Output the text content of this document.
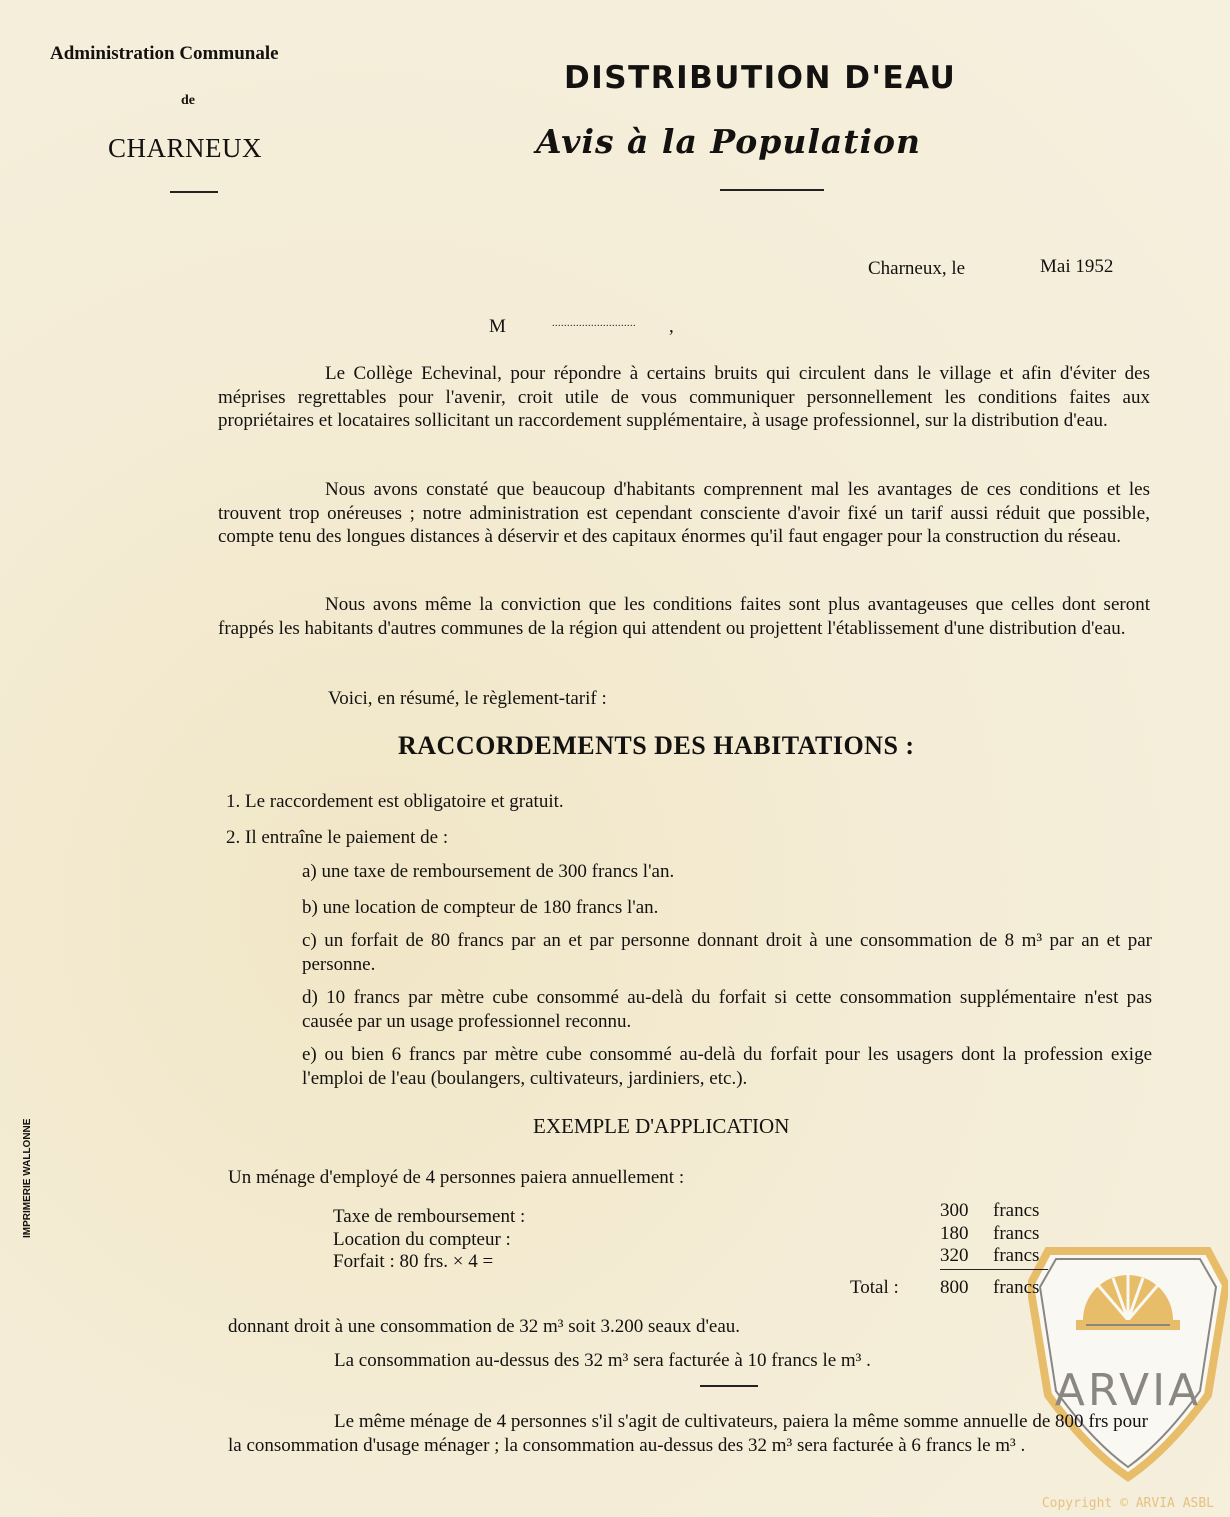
ARVIA
Administration Communale
de
CHARNEUX
DISTRIBUTION D'EAU
Avis à la Population
Charneux, le	Mai 1952
M	............................ ,
Le Collège Echevinal, pour répondre à certains bruits qui circulent dans le village et afin d'éviter des méprises regrettables pour l'avenir, croit utile de vous communiquer personnellement les conditions faites aux propriétaires et locataires sollicitant un raccordement supplémentaire, à usage professionnel, sur la distribution d'eau.
Nous avons constaté que beaucoup d'habitants comprennent mal les avantages de ces conditions et les trouvent trop onéreuses ; notre administration est cependant consciente d'avoir fixé un tarif aussi réduit que possible, compte tenu des longues distances à déservir et des capitaux énormes qu'il faut engager pour la construction du réseau.
Nous avons même la conviction que les conditions faites sont plus avantageuses que celles dont seront frappés les habitants d'autres communes de la région qui attendent ou projettent l'établissement d'une distribution d'eau.
Voici, en résumé, le règlement-tarif :
RACCORDEMENTS DES HABITATIONS :
1. Le raccordement est obligatoire et gratuit.
2. Il entraîne le paiement de :
a) une taxe de remboursement de 300 francs l'an.
b) une location de compteur de 180 francs l'an.
c) un forfait de 80 francs par an et par personne donnant droit à une consommation de 8 m³ par an et par personne.
d) 10 francs par mètre cube consommé au-delà du forfait si cette consommation supplémentaire n'est pas causée par un usage professionnel reconnu.
e) ou bien 6 francs par mètre cube consommé au-delà du forfait pour les usagers dont la profession exige l'emploi de l'eau (boulangers, cultivateurs, jardiniers, etc.).
EXEMPLE D'APPLICATION
Un ménage d'employé de 4 personnes paiera annuellement :
Taxe de remboursement :
Location du compteur :
Forfait : 80 frs. × 4 =
300 francs
180 francs
320 francs
Total : 800 francs
donnant droit à une consommation de 32 m³ soit 3.200 seaux d'eau.
La consommation au-dessus des 32 m³ sera facturée à 10 francs le m³ .
Le même ménage de 4 personnes s'il s'agit de cultivateurs, paiera la même somme annuelle de 800 frs pour la consommation d'usage ménager ; la consommation au-dessus des 32 m³ sera facturée à 6 francs le m³ .
IMPRIMERIE WALLONNE
Copyright © ARVIA ASBL
